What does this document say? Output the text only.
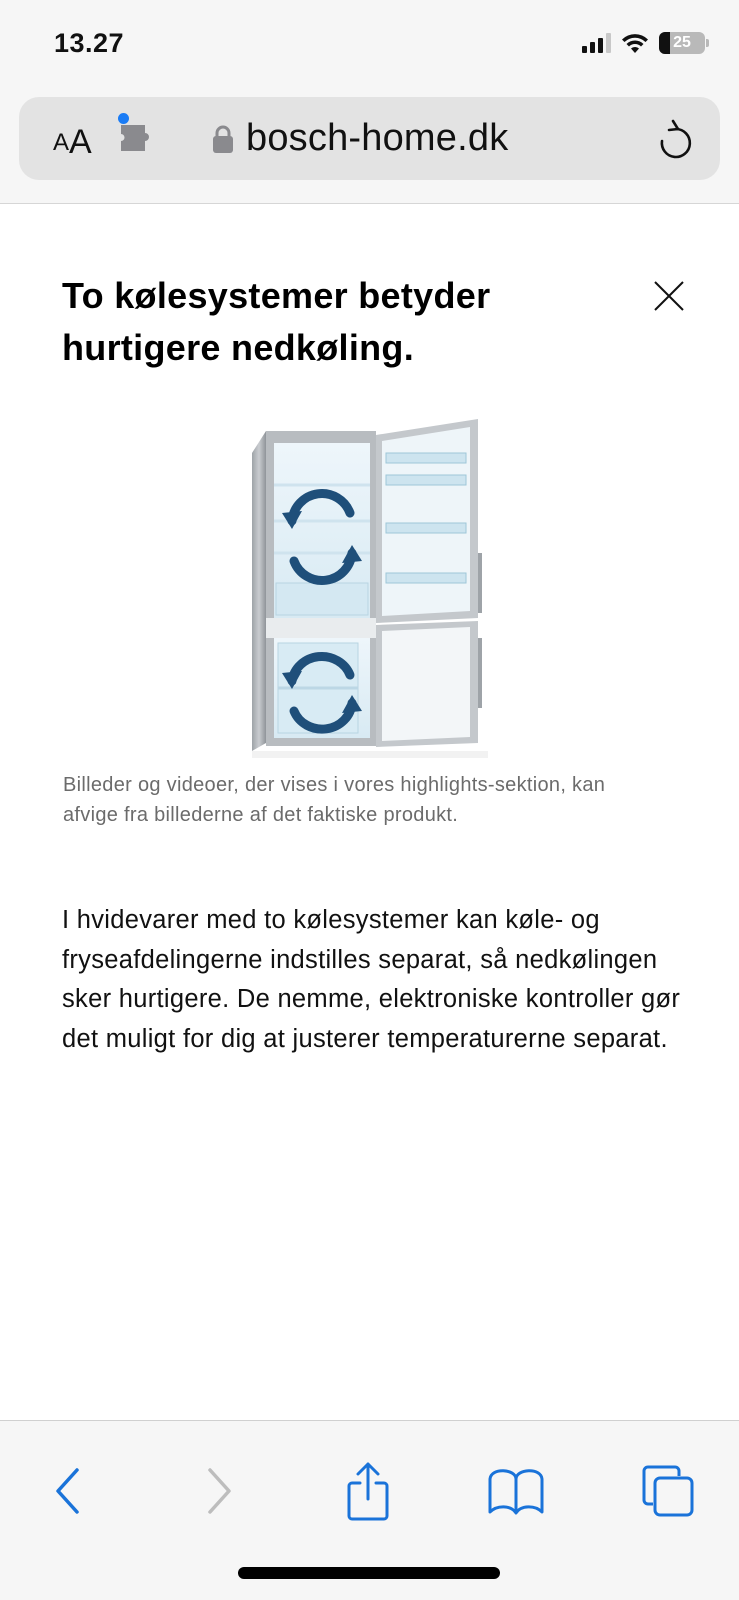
13.27	25
A A	bosch-home.dk
To kølesystemer betyder hurtigere nedkøling.

Billeder og videoer, der vises i vores highlights-sektion, kan afvige fra billederne af det faktiske produkt.

I hvidevarer med to kølesystemer kan køle- og fryseafdelingerne indstilles separat, så nedkølingen sker hurtigere. De nemme, elektroniske kontroller gør det muligt for dig at justerer temperaturerne separat.
